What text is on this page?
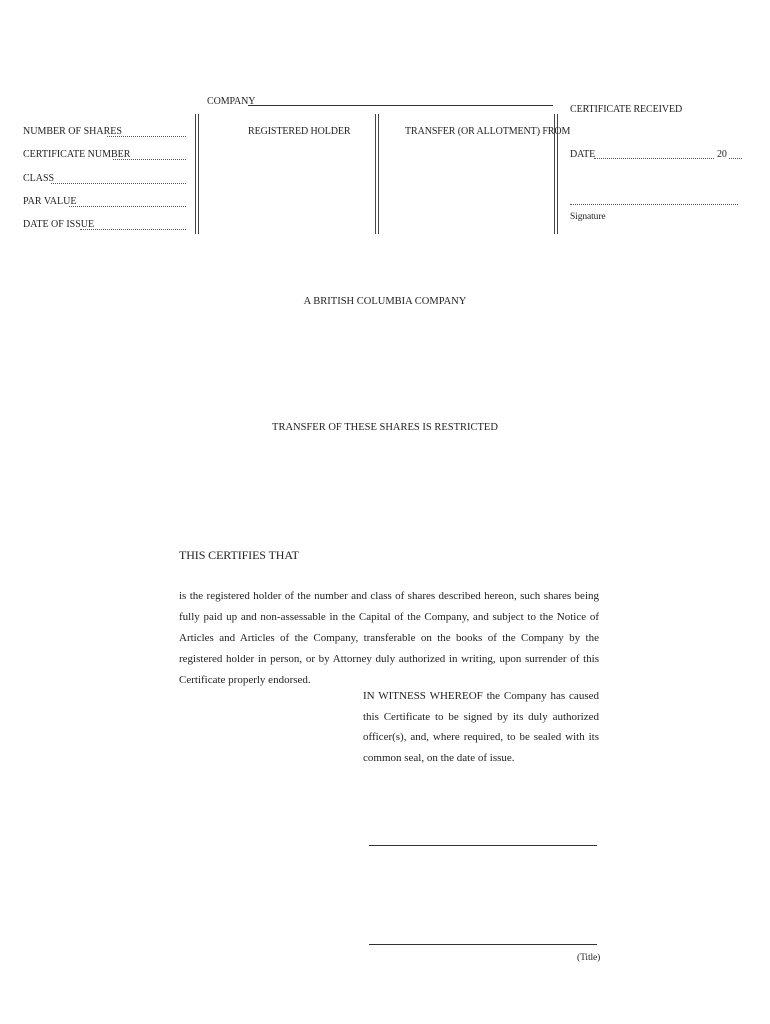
COMPANY
NUMBER OF SHARES
CERTIFICATE NUMBER
CLASS
PAR VALUE
DATE OF ISSUE
REGISTERED HOLDER	TRANSFER (OR ALLOTMENT) FROM
CERTIFICATE RECEIVED
DATE	20
Signature
A BRITISH COLUMBIA COMPANY
TRANSFER OF THESE SHARES IS RESTRICTED
THIS CERTIFIES THAT
is the registered holder of the number and class of shares described hereon, such shares being fully paid up and non-assessable in the Capital of the Company, and subject to the Notice of Articles and Articles of the Company, transferable on the books of the Company by the registered holder in person, or by Attorney duly authorized in writing, upon surrender of this Certificate properly endorsed.
IN WITNESS WHEREOF the Company has caused this Certificate to be signed by its duly authorized officer(s), and, where required, to be sealed with its common seal, on the date of issue.
(Title)
